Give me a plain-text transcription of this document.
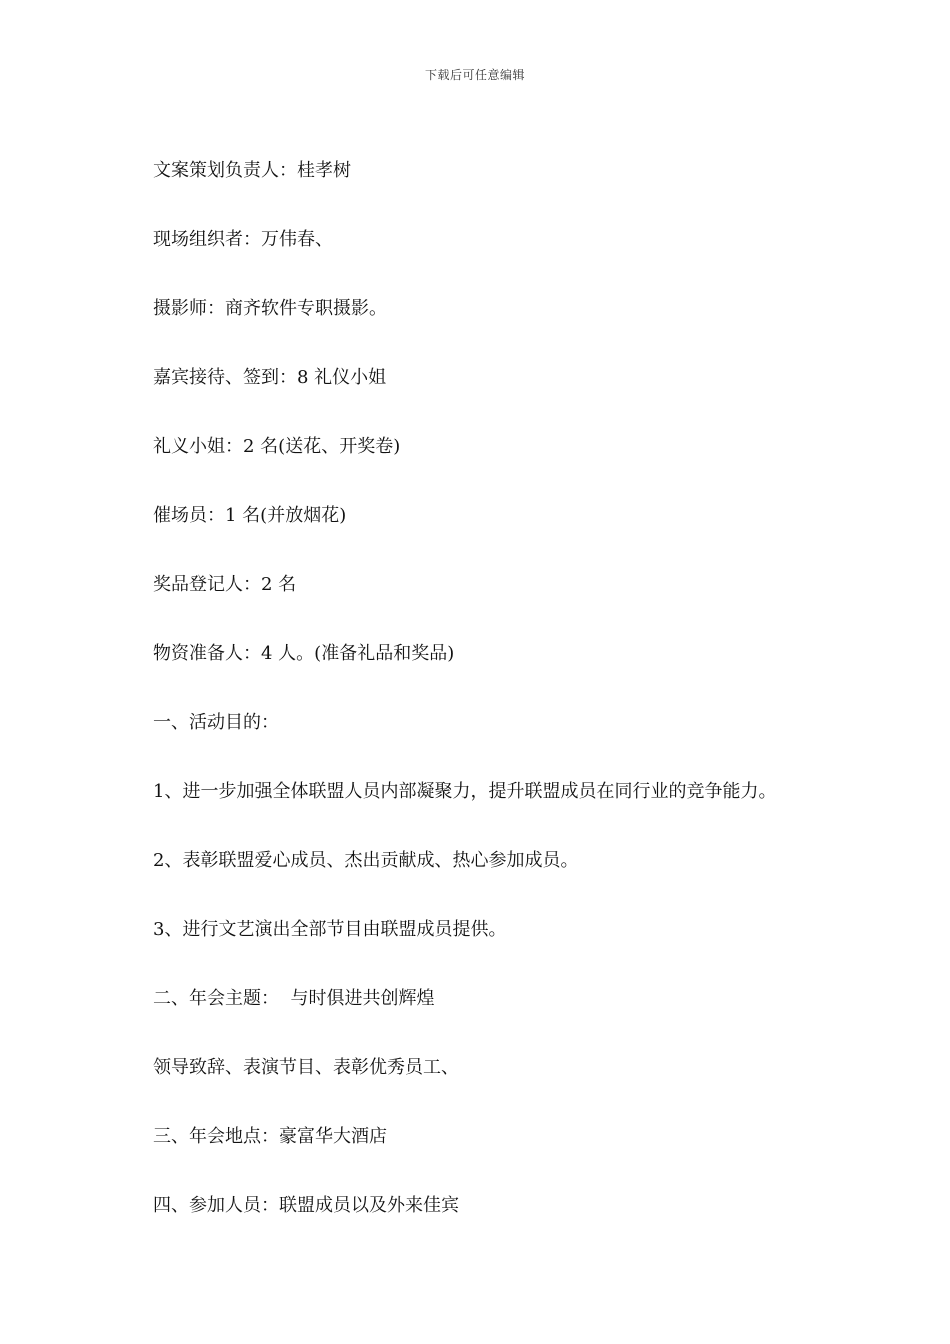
下载后可任意编辑
文案策划负责人：桂孝树
现场组织者：万伟春、
摄影师：商齐软件专职摄影。
嘉宾接待、签到：8 礼仪小姐
礼义小姐：2 名(送花、开奖卷)
催场员：1 名(并放烟花)
奖品登记人：2 名
物资准备人：4 人。(准备礼品和奖品)
一、活动目的：
1、进一步加强全体联盟人员内部凝聚力，提升联盟成员在同行业的竞争能力。
2、表彰联盟爱心成员、杰出贡献成、热心参加成员。
3、进行文艺演出全部节目由联盟成员提供。
二、年会主题：  与时俱进共创辉煌
领导致辞、表演节目、表彰优秀员工、
三、年会地点：豪富华大酒店
四、参加人员：联盟成员以及外来佳宾
